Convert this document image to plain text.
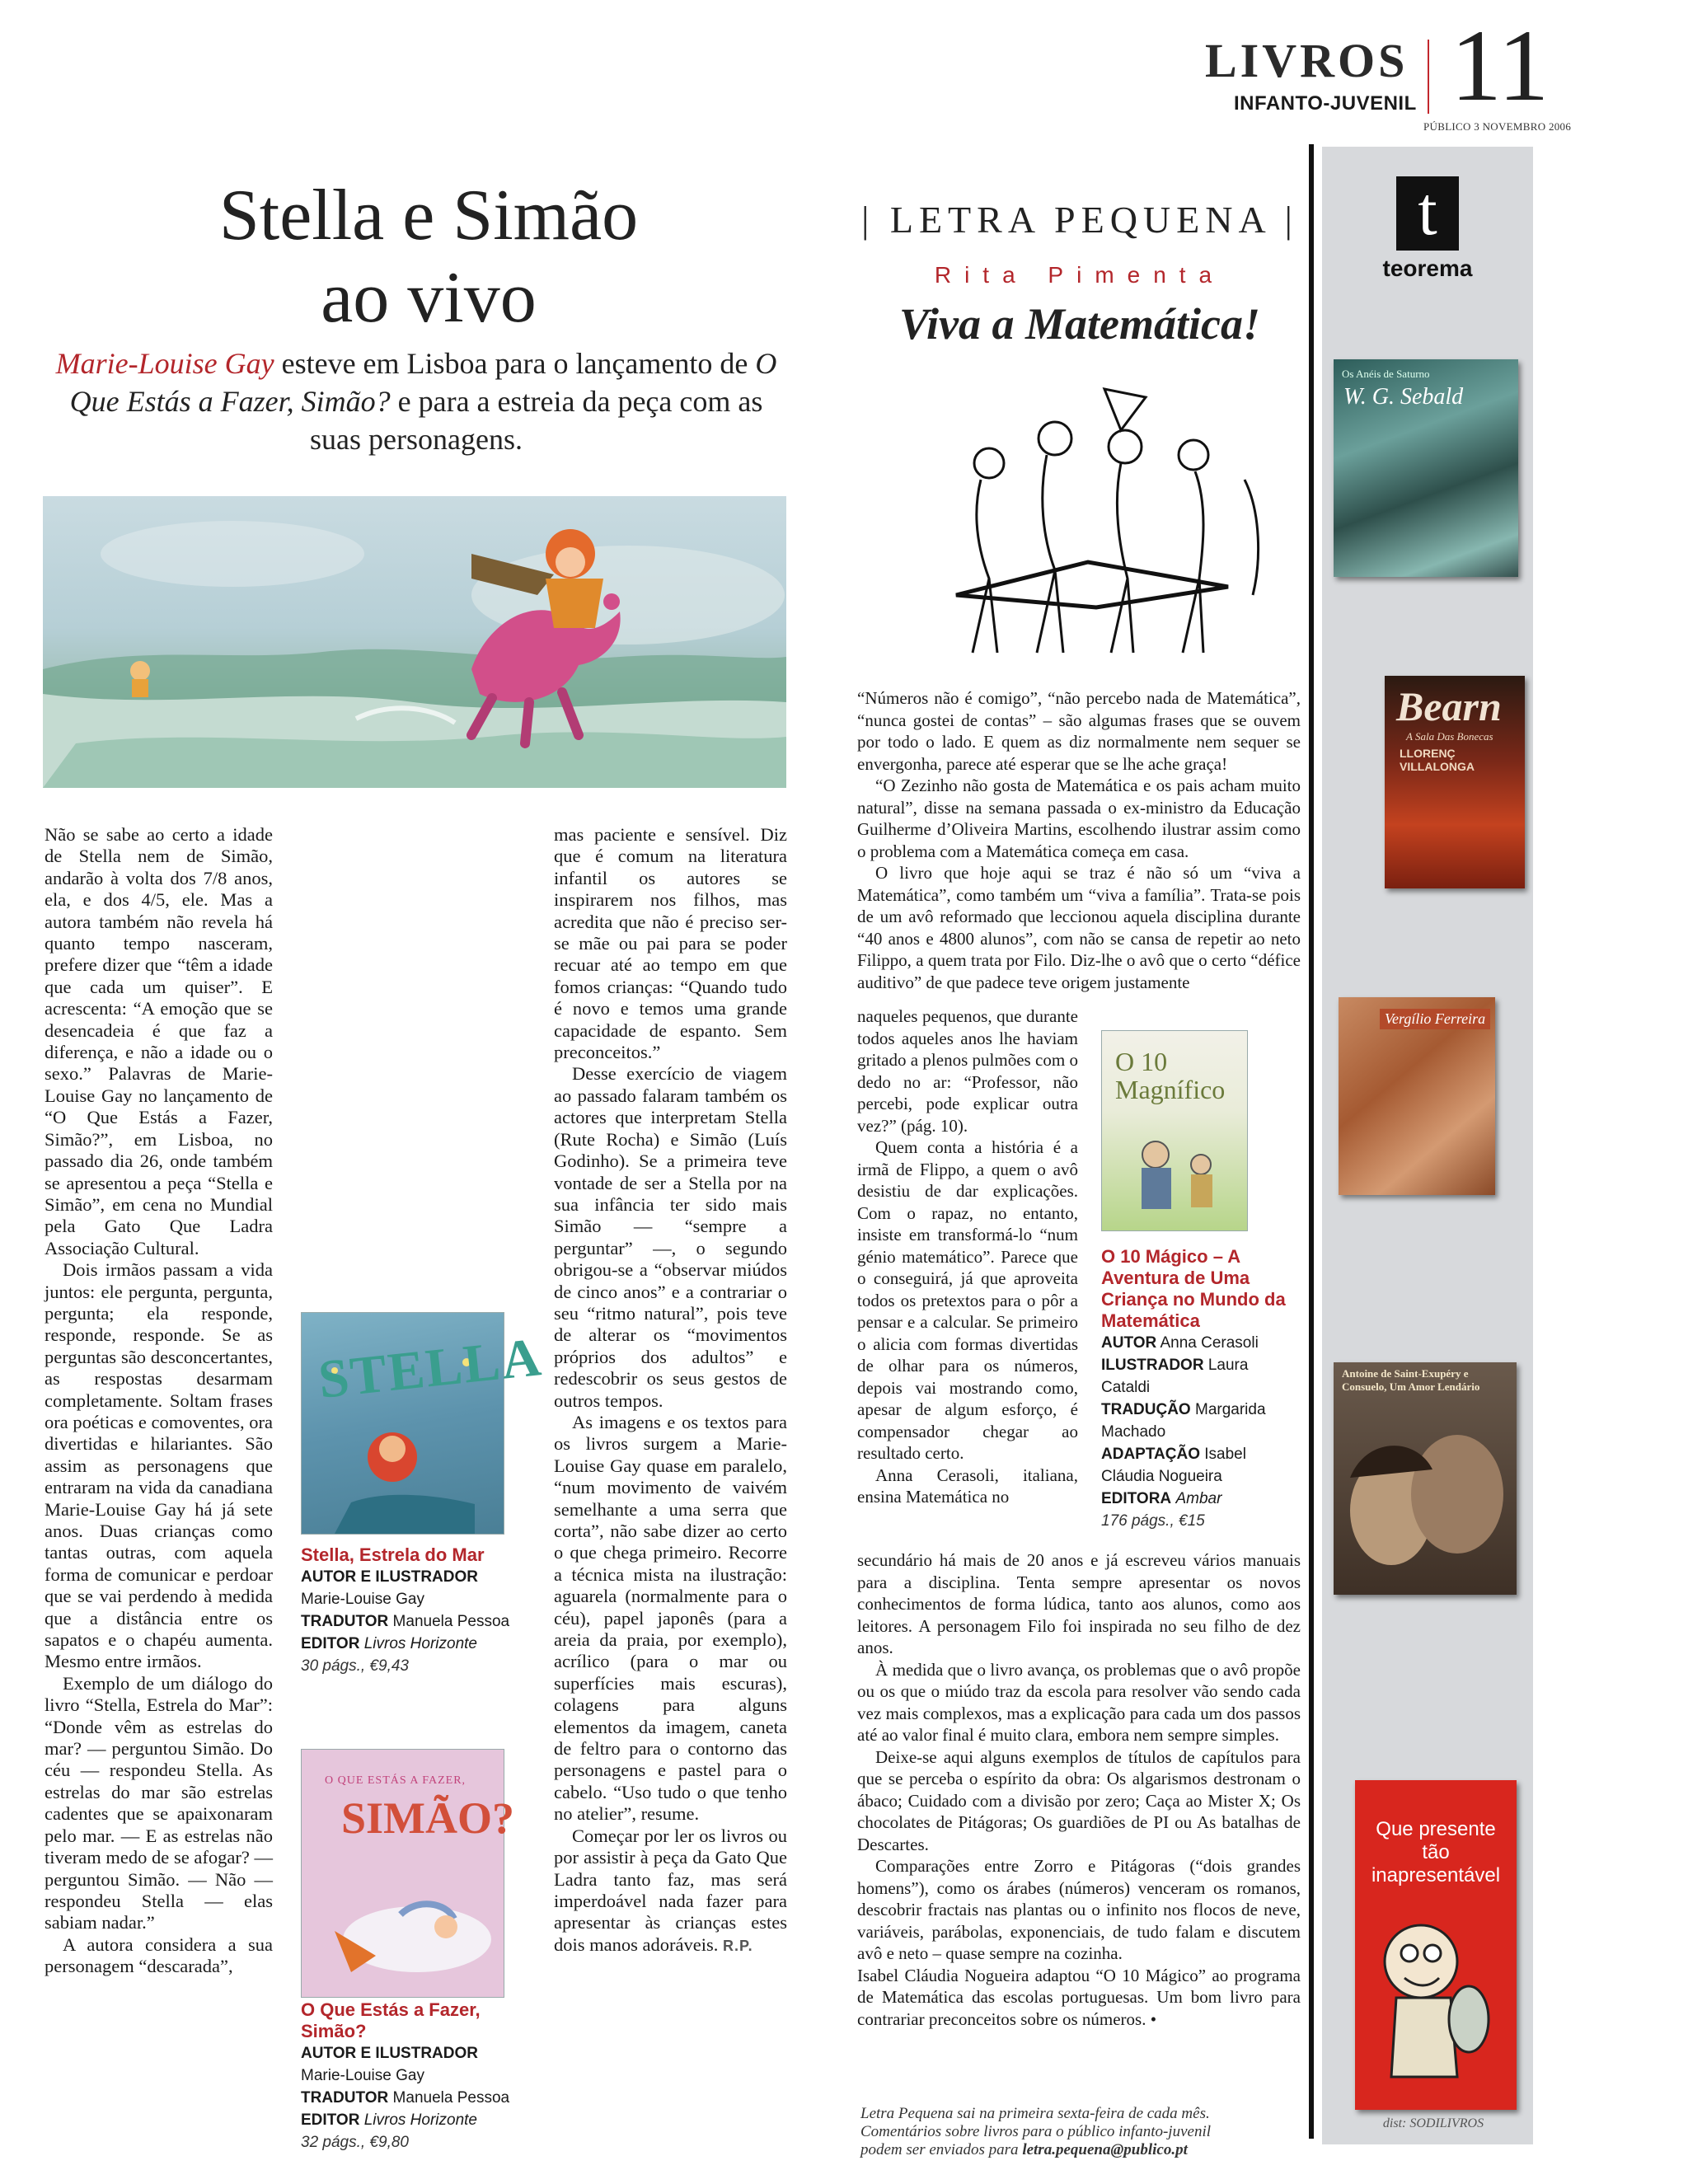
LIVROS
INFANTO-JUVENIL 11
PÚBLICO 3 NOVEMBRO 2006
Stella e Simão
ao vivo
Marie-Louise Gay esteve em Lisboa para o lançamento de O Que Estás a Fazer, Simão? e para a estreia da peça com as suas personagens.

Não se sabe ao certo a idade de Stella nem de Simão, andarão à volta dos 7/8 anos, ela, e dos 4/5, ele. Mas a autora também não revela há quanto tempo nasceram, prefere dizer que “têm a idade que cada um quiser”. E acrescenta: “A emoção que se desencadeia é que faz a diferença, e não a idade ou o sexo.” Palavras de Marie-Louise Gay no lançamento de “O Que Estás a Fazer, Simão?”, em Lisboa, no passado dia 26, onde também se apresentou a peça “Stella e Simão”, em cena no Mundial pela Gato Que Ladra Associação Cultural.

Dois irmãos passam a vida juntos: ele pergunta, pergunta, pergunta; ela responde, responde, responde. Se as perguntas são desconcertantes, as respostas desarmam completamente. Soltam frases ora poéticas e comoventes, ora divertidas e hilariantes. São assim as personagens que entraram na vida da canadiana Marie-Louise Gay há já sete anos. Duas crianças como tantas outras, com aquela forma de comunicar e perdoar que se vai perdendo à medida que a distância entre os sapatos e o chapéu aumenta. Mesmo entre irmãos.

Exemplo de um diálogo do livro “Stella, Estrela do Mar”: “Donde vêm as estrelas do mar? — perguntou Simão. Do céu — respondeu Stella. As estrelas do mar são estrelas cadentes que se apaixonaram pelo mar. — E as estrelas não tiveram medo de se afogar? — perguntou Simão. — Não — respondeu Stella — elas sabiam nadar.”

A autora considera a sua personagem “descarada”,

STELLA
Stella, Estrela do Mar
AUTOR E ILUSTRADOR
Marie-Louise Gay
TRADUTOR Manuela Pessoa
EDITOR Livros Horizonte
30 págs., €9,43
O QUE ESTÁS A FAZER,
SIMÃO?
O Que Estás a Fazer, Simão?
AUTOR E ILUSTRADOR
Marie-Louise Gay
TRADUTOR Manuela Pessoa
EDITOR Livros Horizonte
32 págs., €9,80

mas paciente e sensível. Diz que é comum na literatura infantil os autores se inspirarem nos filhos, mas acredita que não é preciso ser-se mãe ou pai para se poder recuar até ao tempo em que fomos crianças: “Quando tudo é novo e temos uma grande capacidade de espanto. Sem preconceitos.”

Desse exercício de viagem ao passado falaram também os actores que interpretam Stella (Rute Rocha) e Simão (Luís Godinho). Se a primeira teve vontade de ser a Stella por na sua infância ter sido mais Simão — “sempre a perguntar” —, o segundo obrigou-se a “observar miúdos de cinco anos” e a contrariar o seu “ritmo natural”, pois teve de alterar os “movimentos próprios dos adultos” e redescobrir os seus gestos de outros tempos.

As imagens e os textos para os livros surgem a Marie-Louise Gay quase em paralelo, “num movimento de vaivém semelhante a uma serra que corta”, não sabe dizer ao certo o que chega primeiro. Recorre a técnica mista na ilustração: aguarela (normalmente para o céu), papel japonês (para a areia da praia, por exemplo), acrílico (para o mar ou superfícies mais escuras), colagens para alguns elementos da imagem, caneta de feltro para o contorno das personagens e pastel para o cabelo. “Uso tudo o que tenho no atelier”, resume.

Começar por ler os livros ou por assistir à peça da Gato Que Ladra tanto faz, mas será imperdoável nada fazer para apresentar às crianças estes dois manos adoráveis. R.P.

| LETRA PEQUENA |
Rita Pimenta
Viva a Matemática!

“Números não é comigo”, “não percebo nada de Matemática”, “nunca gostei de contas” – são algumas frases que se ouvem por todo o lado. E quem as diz normalmente nem sequer se envergonha, parece até esperar que se lhe ache graça!

“O Zezinho não gosta de Matemática e os pais acham muito natural”, disse na semana passada o ex-ministro da Educação Guilherme d’Oliveira Martins, escolhendo ilustrar assim como o problema com a Matemática começa em casa.

O livro que hoje aqui se traz é não só um “viva a Matemática”, como também um “viva a família”. Trata-se pois de um avô reformado que leccionou aquela disciplina durante “40 anos e 4800 alunos”, com não se cansa de repetir ao neto Filippo, a quem trata por Filo. Diz-lhe o avô que o certo “défice auditivo” de que padece teve origem justamente

naqueles pequenos, que durante todos aqueles anos lhe haviam gritado a plenos pulmões com o dedo no ar: “Professor, não percebi, pode explicar outra vez?” (pág. 10).

Quem conta a história é a irmã de Flippo, a quem o avô desistiu de dar explicações. Com o rapaz, no entanto, insiste em transformá-lo “num génio matemático”. Parece que o conseguirá, já que aproveita todos os pretextos para o pôr a pensar e a calcular. Se primeiro o alicia com formas divertidas de olhar para os números, depois vai mostrando como, apesar de algum esforço, é compensador chegar ao resultado certo.

Anna Cerasoli, italiana, ensina Matemática no

O 10 Magnífico
O 10 Mágico – A Aventura de Uma Criança no Mundo da Matemática
AUTOR Anna Cerasoli
ILUSTRADOR Laura Cataldi
TRADUÇÃO Margarida Machado
ADAPTAÇÃO Isabel Cláudia Nogueira
EDITORA Ambar
176 págs., €15

secundário há mais de 20 anos e já escreveu vários manuais para a disciplina. Tenta sempre apresentar os novos conhecimentos de forma lúdica, tanto aos alunos, como aos leitores. A personagem Filo foi inspirada no seu filho de dez anos.

À medida que o livro avança, os problemas que o avô propõe ou os que o miúdo traz da escola para resolver vão sendo cada vez mais complexos, mas a explicação para cada um dos passos até ao valor final é muito clara, embora nem sempre simples.

Deixe-se aqui alguns exemplos de títulos de capítulos para que se perceba o espírito da obra: Os algarismos destronam o ábaco; Cuidado com a divisão por zero; Caça ao Mister X; Os chocolates de Pitágoras; Os guardiões de PI ou As batalhas de Descartes.

Comparações entre Zorro e Pitágoras (“dois grandes homens”), como os árabes (números) venceram os romanos, descobrir fractais nas plantas ou o infinito nos flocos de neve, variáveis, parábolas, exponenciais, de tudo falam e discutem avô e neto – quase sempre na cozinha.

Isabel Cláudia Nogueira adaptou “O 10 Mágico” ao programa de Matemática das escolas portuguesas. Um bom livro para contrariar preconceitos sobre os números. •

Letra Pequena sai na primeira sexta-feira de cada mês.
Comentários sobre livros para o público infanto-juvenil
podem ser enviados para letra.pequena@publico.pt
t
teorema
Os Anéis de Saturno
W. G. Sebald
Bearn
A Sala Das Bonecas
LLORENÇ VILLALONGA
Vergílio Ferreira
Antoine de Saint-Exupéry e Consuelo, Um Amor Lendário
Que presente tão inapresentável
dist: SODILIVROS
